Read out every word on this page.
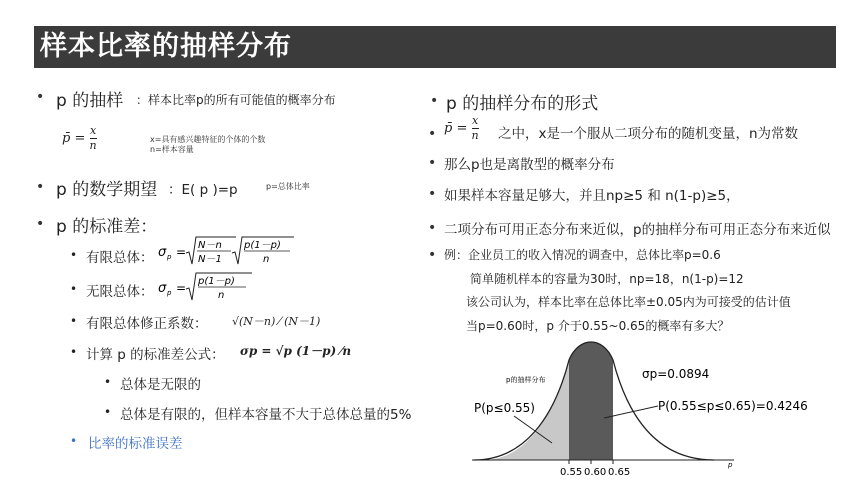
样本比率的抽样分布
• p 的抽样 ：样本比率p的所有可能值的概率分布
p̄ = $\frac{x}{n}$	x=具有感兴趣特征的个体的个数
n=样本容量
• p 的数学期望 ：E( p )=p	p=总体比率
• p 的标准差：
• 有限总体： σ p = N－n
N－1
p(1－p)
n
• 无限总体： σ p = p(1－p)
n
• 有限总体修正系数： √(N－n) ⁄ (N－1)
• 计算 p 的标准差公式： σp = √p (1－p) ⁄n
• 总体是无限的
• 总体是有限的，但样本容量不大于总体总量的5%
• 比率的标准误差
• p 的抽样分布的形式
• p̄ = $\frac{x}{n}$ 之中，x是一个服从二项分布的随机变量，n为常数
• 那么p也是离散型的概率分布
• 如果样本容量足够大，并且np≥5 和 n(1-p)≥5，
• 二项分布可用正态分布来近似，p的抽样分布可用正态分布来近似
• 例：企业员工的收入情况的调查中，总体比率p=0.6
简单随机样本的容量为30时，np=18，n(1-p)=12
该公司认为，样本比率在总体比率±0.05内为可接受的估计值
当p=0.60时，p 介于0.55~0.65的概率有多大？
0.55 0.60 0.65
p
p的抽样分布	σp=0.0894
P(p≤0.55)	P(0.55≤p≤0.65)=0.4246
